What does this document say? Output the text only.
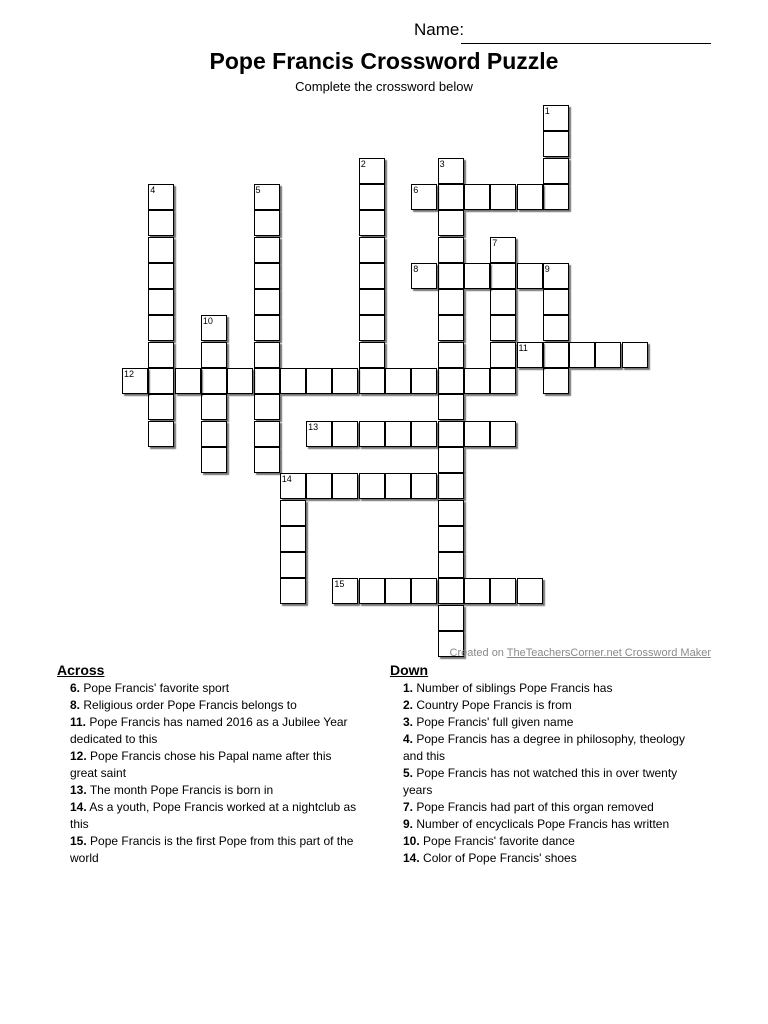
Name:
Pope Francis Crossword Puzzle
Complete the crossword below
1
2	3
4	5	6
7
8	9
10
11
12
13
14
15
Created on TheTeachersCorner.net Crossword Maker
Across
6. Pope Francis' favorite sport
8. Religious order Pope Francis belongs to
11. Pope Francis has named 2016 as a Jubilee Year
dedicated to this
12. Pope Francis chose his Papal name after this
great saint
13. The month Pope Francis is born in
14. As a youth, Pope Francis worked at a nightclub as
this
15. Pope Francis is the first Pope from this part of the
world
Down
1. Number of siblings Pope Francis has
2. Country Pope Francis is from
3. Pope Francis' full given name
4. Pope Francis has a degree in philosophy, theology
and this
5. Pope Francis has not watched this in over twenty
years
7. Pope Francis had part of this organ removed
9. Number of encyclicals Pope Francis has written
10. Pope Francis' favorite dance
14. Color of Pope Francis' shoes
